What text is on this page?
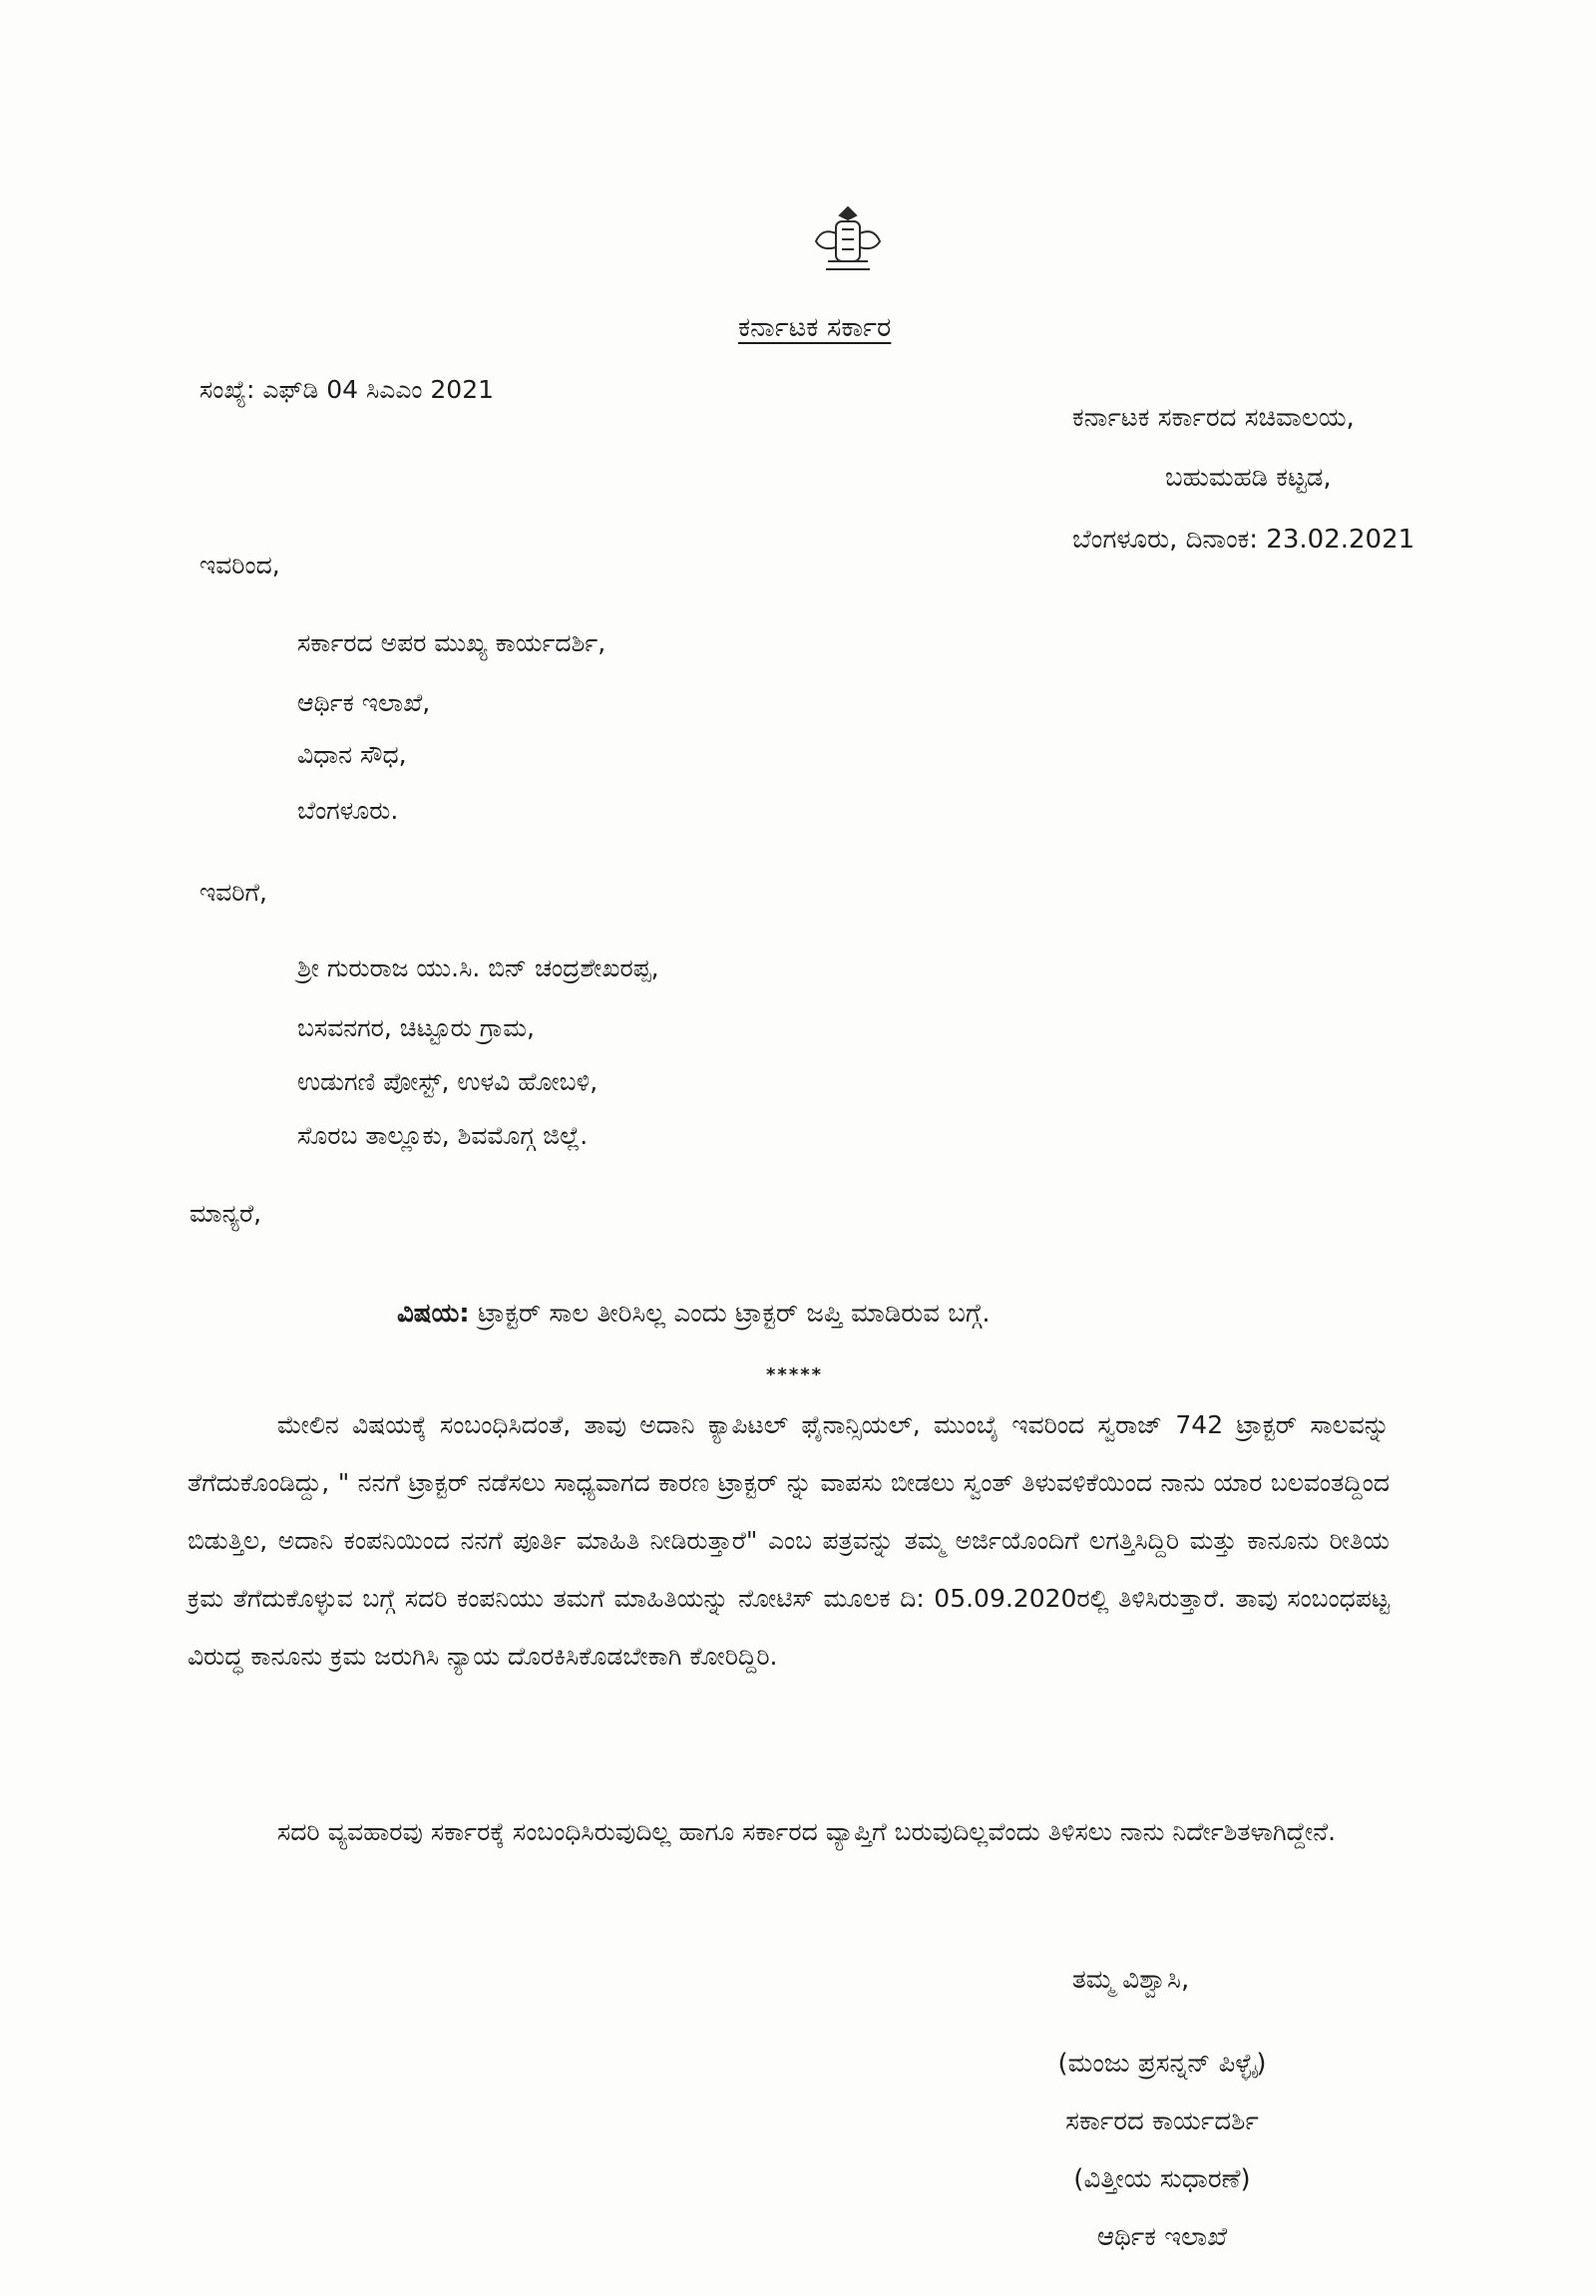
ಕರ್ನಾಟಕ ಸರ್ಕಾರ
ಸಂಖ್ಯೆ: ಎಫ್‌ಡಿ 04 ಸಿಎಎಂ 2021
ಕರ್ನಾಟಕ ಸರ್ಕಾರದ ಸಚಿವಾಲಯ,
ಬಹುಮಹಡಿ ಕಟ್ಟಡ,
ಬೆಂಗಳೂರು, ದಿನಾಂಕ: 23.02.2021
ಇವರಿಂದ,
ಸರ್ಕಾರದ ಅಪರ ಮುಖ್ಯ ಕಾರ್ಯದರ್ಶಿ,
ಆರ್ಥಿಕ ಇಲಾಖೆ,
ವಿಧಾನ ಸೌಧ,
ಬೆಂಗಳೂರು.
ಇವರಿಗೆ,
ಶ್ರೀ ಗುರುರಾಜ ಯು.ಸಿ. ಬಿನ್ ಚಂದ್ರಶೇಖರಪ್ಪ,
ಬಸವನಗರ, ಚಿಟ್ಟೂರು ಗ್ರಾಮ,
ಉಡುಗಣಿ ಪೋಸ್ಟ್, ಉಳವಿ ಹೋಬಳಿ,
ಸೊರಬ ತಾಲ್ಲೂಕು, ಶಿವಮೊಗ್ಗ ಜಿಲ್ಲೆ.
ಮಾನ್ಯರೆ,
ವಿಷಯ: ಟ್ರಾಕ್ಟರ್ ಸಾಲ ತೀರಿಸಿಲ್ಲ ಎಂದು ಟ್ರಾಕ್ಟರ್ ಜಪ್ತಿ ಮಾಡಿರುವ ಬಗ್ಗೆ.
*****

ಮೇಲಿನ ವಿಷಯಕ್ಕೆ ಸಂಬಂಧಿಸಿದಂತೆ, ತಾವು ಅದಾನಿ ಕ್ಯಾಪಿಟಲ್ ಫೈನಾನ್ಸಿಯಲ್, ಮುಂಬೈ ಇವರಿಂದ ಸ್ವರಾಜ್ 742 ಟ್ರಾಕ್ಟರ್ ಸಾಲವನ್ನು ತೆಗೆದುಕೊಂಡಿದ್ದು, " ನನಗೆ ಟ್ರಾಕ್ಟರ್ ನಡೆಸಲು ಸಾಧ್ಯವಾಗದ ಕಾರಣ ಟ್ರಾಕ್ಟರ್ ನ್ನು ವಾಪಸು ಬೀಡಲು ಸ್ವಂತ್ ತಿಳುವಳಿಕೆಯಿಂದ ನಾನು ಯಾರ ಬಲವಂತದ್ದಿಂದ ಬಿಡುತ್ತಿಲ, ಅದಾನಿ ಕಂಪನಿಯಿಂದ ನನಗೆ ಪೂರ್ತಿ ಮಾಹಿತಿ ನೀಡಿರುತ್ತಾರೆ" ಎಂಬ ಪತ್ರವನ್ನು ತಮ್ಮ ಅರ್ಜಿಯೊಂದಿಗೆ ಲಗತ್ತಿಸಿದ್ದಿರಿ ಮತ್ತು ಕಾನೂನು ರೀತಿಯ ಕ್ರಮ ತೆಗೆದುಕೊಳ್ಳುವ ಬಗ್ಗೆ ಸದರಿ ಕಂಪನಿಯು ತಮಗೆ ಮಾಹಿತಿಯನ್ನು ನೋಟಿಸ್ ಮೂಲಕ ದಿ: 05.09.2020ರಲ್ಲಿ ತಿಳಿಸಿರುತ್ತಾರೆ. ತಾವು ಸಂಬಂಧಪಟ್ಟ ವಿರುದ್ಧ ಕಾನೂನು ಕ್ರಮ ಜರುಗಿಸಿ ನ್ಯಾಯ ದೊರಕಿಸಿಕೊಡಬೇಕಾಗಿ ಕೋರಿದ್ದಿರಿ.

ಸದರಿ ವ್ಯವಹಾರವು ಸರ್ಕಾರಕ್ಕೆ ಸಂಬಂಧಿಸಿರುವುದಿಲ್ಲ ಹಾಗೂ ಸರ್ಕಾರದ ವ್ಯಾಪ್ತಿಗೆ ಬರುವುದಿಲ್ಲವೆಂದು ತಿಳಿಸಲು ನಾನು ನಿರ್ದೇಶಿತಳಾಗಿದ್ದೇನೆ.

ತಮ್ಮ ವಿಶ್ವಾಸಿ,
(ಮಂಜು ಪ್ರಸನ್ನನ್ ಪಿಳ್ಳೈ)
ಸರ್ಕಾರದ ಕಾರ್ಯದರ್ಶಿ
(ವಿತ್ತೀಯ ಸುಧಾರಣೆ)
ಆರ್ಥಿಕ ಇಲಾಖೆ
